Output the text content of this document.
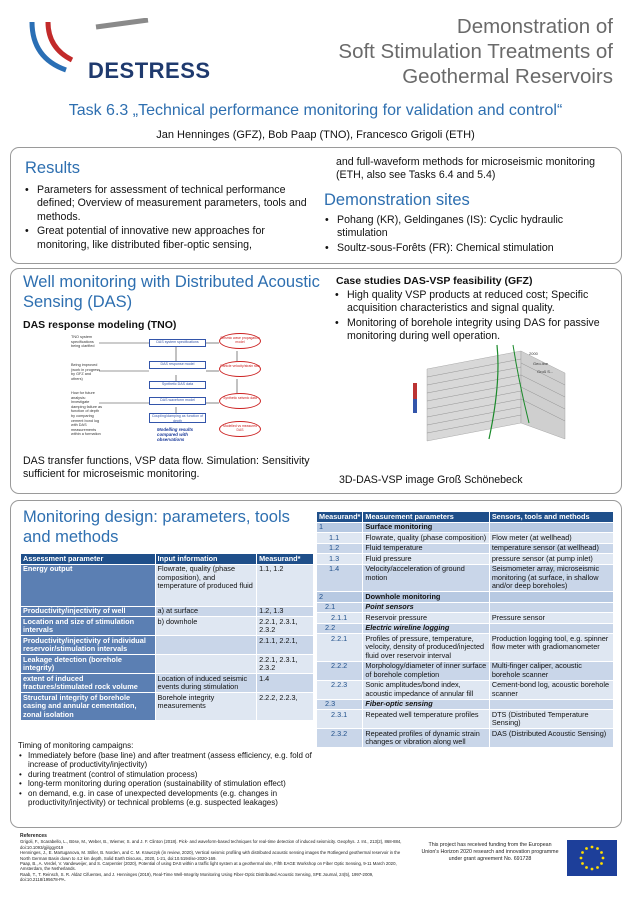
DESTRESS
Demonstration of
Soft Stimulation Treatments of
Geothermal Reservoirs
Task 6.3 „Technical performance monitoring for validation and control“
Jan Henninges (GFZ), Bob Paap (TNO), Francesco Grigoli (ETH)
Results
• Parameters for assessment of technical performance defined; Overview of measurement parameters, tools and methods.
• Great potential of innovative new approaches for monitoring, like distributed fiber-optic sensing,
and full-waveform methods for microseismic monitoring (ETH, also see Tasks 6.4 and 5.4)
Demonstration sites
• Pohang (KR), Geldinganes (IS): Cyclic hydraulic stimulation
• Soultz-sous-Forêts (FR): Chemical stimulation
Well monitoring with Distributed Acoustic Sensing (DAS)
DAS response modeling (TNO)
TNO system specifications being clarified
Being improved (work in progress by GFZ and others)
How for future analysis: Investigate damping failure as function of depth by comparing cement bond log with DAS measurements within a formation
DAS system specifications
DAS response model
Synthetic DAS data
DAS waveform model
Coupling/damping as function of depth
Seismic wave propagation model
Particle velocity/strain rate
Synthetic seismic data
Modelled vs measured DAS
Modelling results compared with observations
DAS transfer functions, VSP data flow. Simulation: Sensitivity sufficient for microseismic monitoring.
Case studies DAS-VSP feasibility (GFZ)
• High quality VSP products at reduced cost; Specific acquisition characteristics and signal quality.
• Monitoring of borehole integrity using DAS for passive monitoring during well operation.
2000
Geo-line
Groß S...
3D-DAS-VSP image Groß Schönebeck
Monitoring design: parameters, tools and methods
Assessment parameter	Input information	Measurand*
Energy output	Flowrate, quality (phase composition), and temperature of produced fluid	1.1, 1.2
Productivity/injectivity of well	a) at surface	1.2, 1.3
Location and size of stimulation intervals	b) downhole	2.2.1, 2.3.1, 2.3.2
Productivity/injectivity of individual reservoir/stimulation intervals		2.1.1, 2.2.1,
Leakage detection (borehole integrity)		2.2.1, 2.3.1, 2.3.2
extent of induced fractures/stimulated rock volume	Location of induced seismic events during stimulation	1.4
Structural integrity of borehole casing and annular cementation, zonal isolation	Borehole integrity measurements	2.2.2, 2.2.3,
Timing of monitoring campaigns:
• Immediately before (base line) and after treatment (assess efficiency, e.g. fold of increase of productivity/injectivity)
• during treatment (control of stimulation process)
• long-term monitoring during operation (sustainability of stimulation effect)
• on demand, e.g. in case of unexpected developments (e.g. changes in productivity/injectivity) or technical problems (e.g. suspected leakages)
Measurand*	Measurement parameters	Sensors, tools and methods
1	Surface monitoring	
1.1	Flowrate, quality (phase composition)	Flow meter (at wellhead)
1.2	Fluid temperature	temperature sensor (at wellhead)
1.3	Fluid pressure	pressure sensor (at pump inlet)
1.4	Velocity/acceleration of ground motion	Seismometer array, microseismic monitoring (at surface, in shallow and/or deep boreholes)
2	Downhole monitoring	
2.1	Point sensors	
2.1.1	Reservoir pressure	Pressure sensor
2.2	Electric wireline logging	
2.2.1	Profiles of pressure, temperature, velocity, density of produced/injected fluid over reservoir interval	Production logging tool, e.g. spinner flow meter with gradiomanometer
2.2.2	Morphology/diameter of inner surface of borehole completion	Multi-finger caliper, acoustic borehole scanner
2.2.3	Sonic amplitudes/bond index, acoustic impedance of annular fill	Cement-bond log, acoustic borehole scanner
2.3	Fiber-optic sensing	
2.3.1	Repeated well temperature profiles	DTS (Distributed Temperature Sensing)
2.3.2	Repeated profiles of dynamic strain changes or vibration along well	DAS (Distributed Acoustic Sensing)
References
Grigoli, F., Scarabello, L., Böse, M., Weber, B., Wiemer, S. and J. F. Clinton (2018). Pick- and waveform-based techniques for real-time detection of induced seismicity. Geophys. J. Int., 213(2), 868-884, doi:10.1093/gji/ggy019
Henninges, J., E. Martuganova, M. Stiller, B. Norden, and C. M. Krawczyk (in review, 2020), Vertical seismic profiling with distributed acoustic sensing images the Rotliegend geothermal reservoir in the North German Basin down to 4.2 km depth, Solid Earth Discuss., 2020, 1-21, doi:10.5194/se-2020-169.
Paap, B., A. Verdel, V. Vandeweijer, and S. Carpentier (2020), Potential of using DAS within a traffic light system at a geothermal site, Fifth EAGE Workshop on Fiber Optic Sensing, 9-11 March 2020, Amsterdam, the Netherlands.
Raab, T., T. Reinsch, S. R. Aldaz Cifuentes, and J. Henninges (2019), Real-Time Well-Integrity Monitoring Using Fiber-Optic Distributed Acoustic Sensing, SPE Journal, 24(5), 1997-2009, doi:10.2118/195678-PA.
This project has received funding from the European Union's Horizon 2020 research and innovation programme under grant agreement No. 691728
